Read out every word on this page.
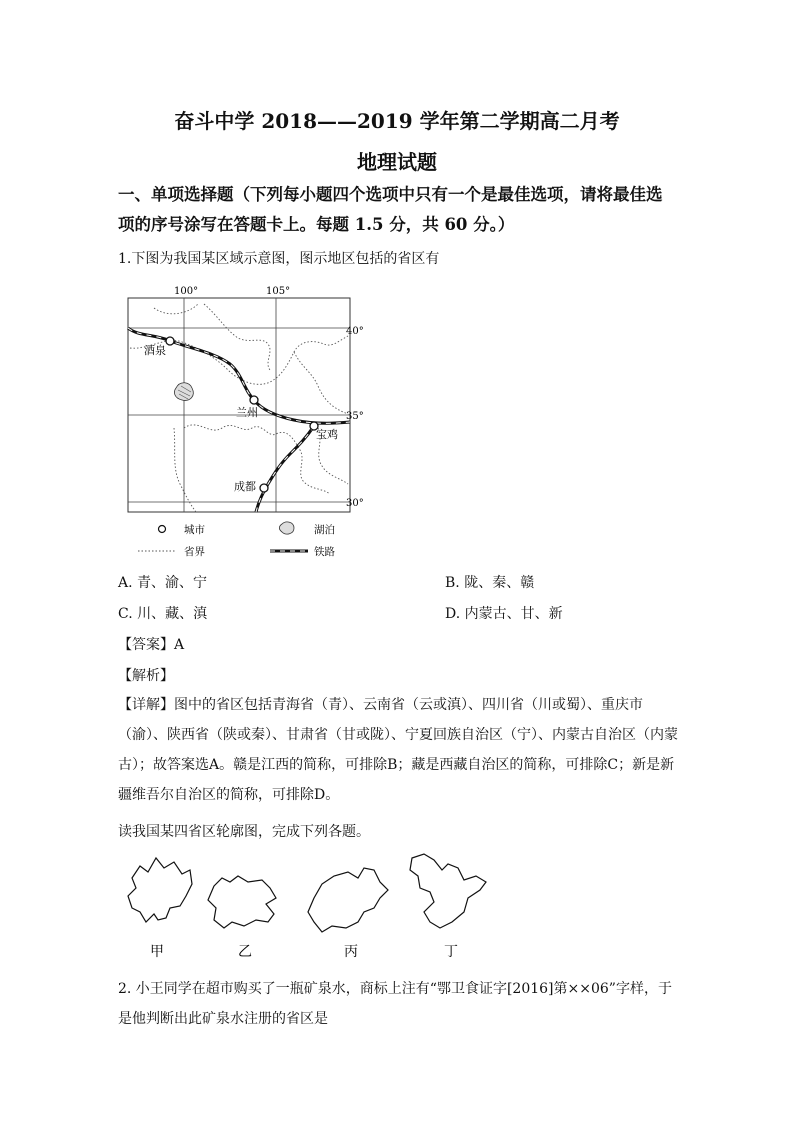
奋斗中学 2018——2019 学年第二学期高二月考
地理试题
一、单项选择题（下列每小题四个选项中只有一个是最佳选项，请将最佳选项的序号涂写在答题卡上。每题 1.5 分，共 60 分。）
1.下图为我国某区域示意图，图示地区包括的省区有
100°	105°
40°
35°
30°
酒泉
兰州
宝鸡
成都
城市	湖泊
省界	铁路
A. 青、渝、宁	B. 陇、秦、赣
C. 川、藏、滇	D. 内蒙古、甘、新
【答案】A
【解析】
【详解】图中的省区包括青海省（青）、云南省（云或滇）、四川省（川或蜀）、重庆市（渝）、陕西省（陕或秦）、甘肃省（甘或陇）、宁夏回族自治区（宁）、内蒙古自治区（内蒙古）；故答案选A。赣是江西的简称，可排除B；藏是西藏自治区的简称，可排除C；新是新疆维吾尔自治区的简称，可排除D。
读我国某四省区轮廓图，完成下列各题。
甲	乙	丙	丁
2. 小王同学在超市购买了一瓶矿泉水，商标上注有“鄂卫食证字[2016]第××06”字样，于是他判断出此矿泉水注册的省区是
